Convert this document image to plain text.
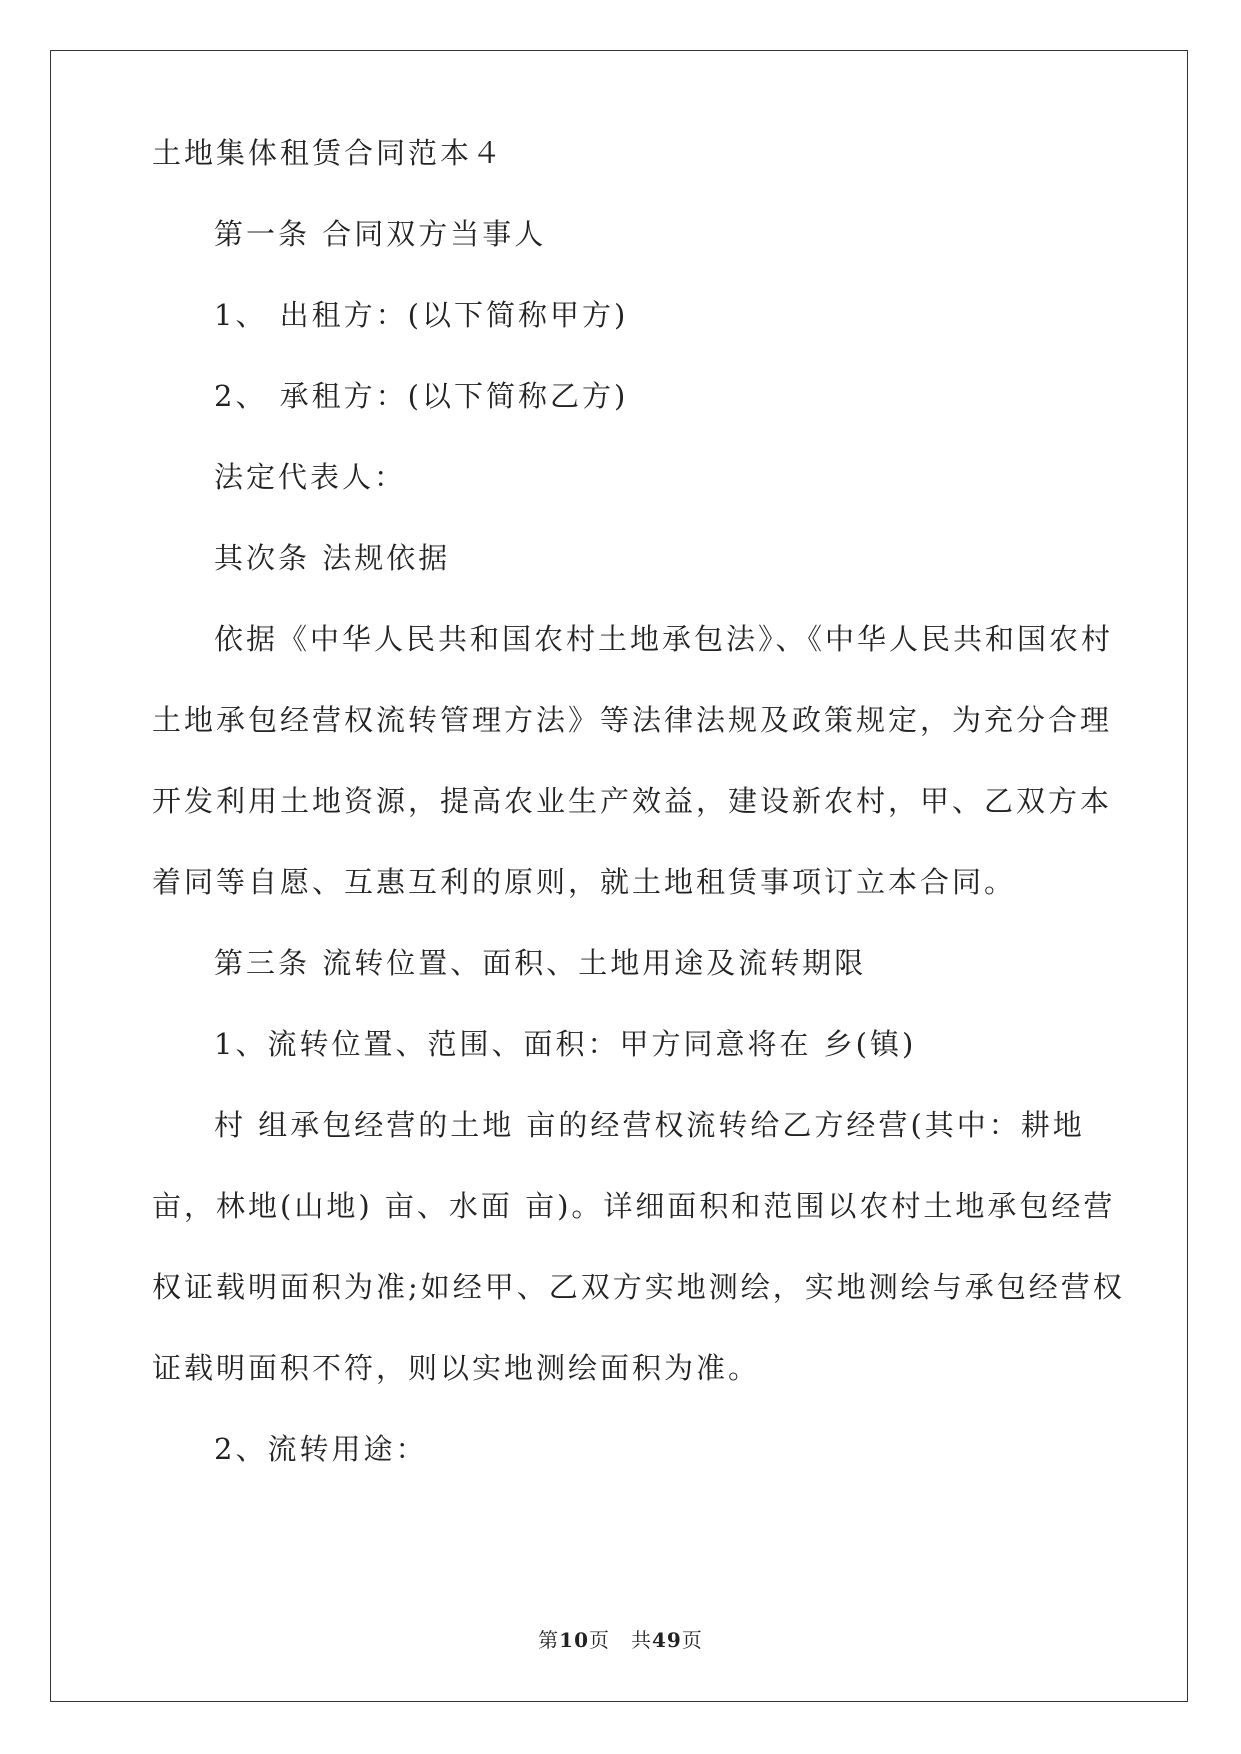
土地集体租赁合同范本４
第一条 合同双方当事人
1、 出租方：(以下简称甲方)
2、 承租方：(以下简称乙方)
法定代表人：
其次条 法规依据
依据《中华人民共和国农村土地承包法》、《中华人民共和国农村
土地承包经营权流转管理方法》等法律法规及政策规定，为充分合理
开发利用土地资源，提高农业生产效益，建设新农村，甲、乙双方本
着同等自愿、互惠互利的原则，就土地租赁事项订立本合同。
第三条 流转位置、面积、土地用途及流转期限
1、流转位置、范围、面积：甲方同意将在 乡(镇)
村 组承包经营的土地 亩的经营权流转给乙方经营(其中：耕地
亩，林地(山地) 亩、水面 亩)。详细面积和范围以农村土地承包经营
权证载明面积为准;如经甲、乙双方实地测绘，实地测绘与承包经营权
证载明面积不符，则以实地测绘面积为准。
2、流转用途：
第10页　共49页
